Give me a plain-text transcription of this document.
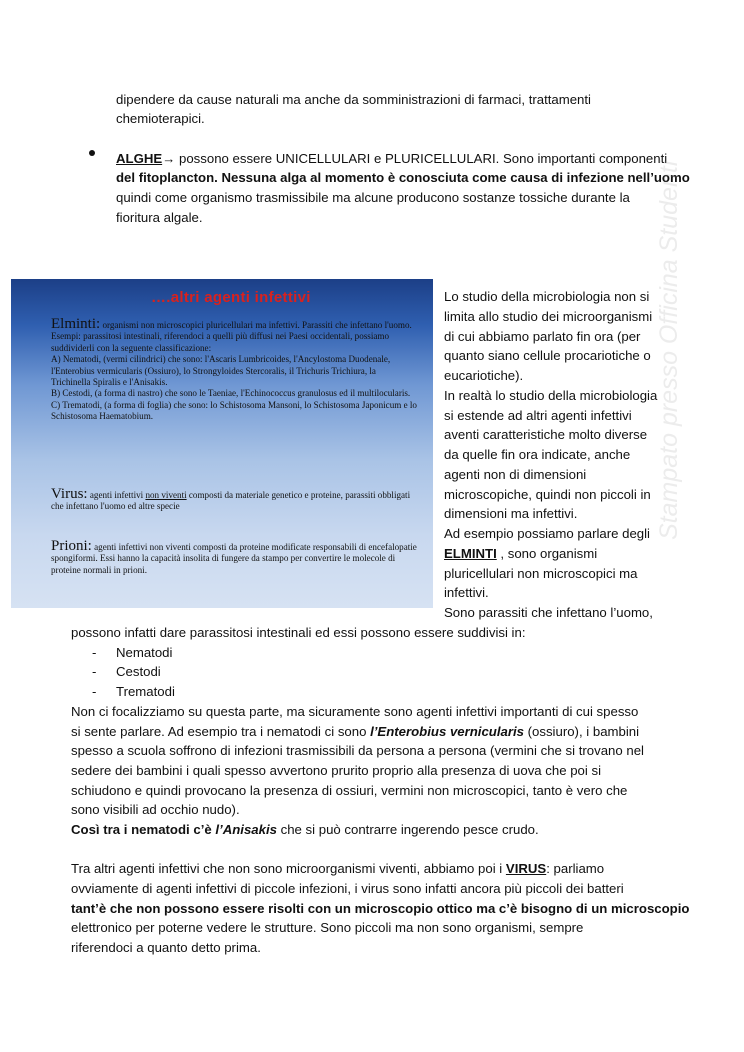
dipendere da cause naturali ma anche da somministrazioni di farmaci, trattamenti
chemioterapici.
ALGHE→ possono essere UNICELLULARI e PLURICELLULARI. Sono importanti componenti
del fitoplancton. Nessuna alga al momento è conosciuta come causa di infezione nell’uomo
quindi come organismo trasmissibile ma alcune producono sostanze tossiche durante la
fioritura algale.
….altri agenti infettivi
Elminti: organismi non microscopici pluricellulari ma infettivi. Parassiti che infettano l'uomo. Esempi: parassitosi intestinali, riferendoci a quelli più diffusi nei Paesi occidentali, possiamo suddividerli con la seguente classificazione:
A) Nematodi, (vermi cilindrici) che sono: l'Ascaris Lumbricoides, l'Ancylostoma Duodenale, l'Enterobius vermicularis (Ossiuro), lo Strongyloides Stercoralis, il Trichuris Trichiura, la Trichinella Spiralis e l'Anisakis.
B) Cestodi, (a forma di nastro) che sono le Taeniae, l'Echinococcus granulosus ed il multilocularis.
C) Trematodi, (a forma di foglia) che sono: lo Schistosoma Mansoni, lo Schistosoma Japonicum e lo Schistosoma Haematobium.
Virus: agenti infettivi non viventi composti da materiale genetico e proteine, parassiti obbligati che infettano l'uomo ed altre specie
Prioni: agenti infettivi non viventi composti da proteine modificate responsabili di encefalopatie spongiformi. Essi hanno la capacità insolita di fungere da stampo per convertire le molecole di proteine normali in prioni.
Lo studio della microbiologia non si
limita allo studio dei microorganismi
di cui abbiamo parlato fin ora (per
quanto siano cellule procariotiche o
eucariotiche).
In realtà lo studio della microbiologia
si estende ad altri agenti infettivi
aventi caratteristiche molto diverse
da quelle fin ora indicate, anche
agenti non di dimensioni
microscopiche, quindi non piccoli in
dimensioni ma infettivi.
Ad esempio possiamo parlare degli
ELMINTI , sono organismi
pluricellulari non microscopici ma
infettivi.
Sono parassiti che infettano l’uomo,
possono infatti dare parassitosi intestinali ed essi possono essere suddivisi in:
- Nematodi
- Cestodi
- Trematodi
Non ci focalizziamo su questa parte, ma sicuramente sono agenti infettivi importanti di cui spesso
si sente parlare. Ad esempio tra i nematodi ci sono l’Enterobius vernicularis (ossiuro), i bambini
spesso a scuola soffrono di infezioni trasmissibili da persona a persona (vermini che si trovano nel
sedere dei bambini i quali spesso avvertono prurito proprio alla presenza di uova che poi si
schiudono e quindi provocano la presenza di ossiuri, vermini non microscopici, tanto è vero che
sono visibili ad occhio nudo).
Così tra i nematodi c’è l’Anisakis che si può contrarre ingerendo pesce crudo.
Tra altri agenti infettivi che non sono microorganismi viventi, abbiamo poi i VIRUS: parliamo
ovviamente di agenti infettivi di piccole infezioni, i virus sono infatti ancora più piccoli dei batteri
tant’è che non possono essere risolti con un microscopio ottico ma c’è bisogno di un microscopio
elettronico per poterne vedere le strutture. Sono piccoli ma non sono organismi, sempre
riferendoci a quanto detto prima.
Stampato presso Officina Studenti
